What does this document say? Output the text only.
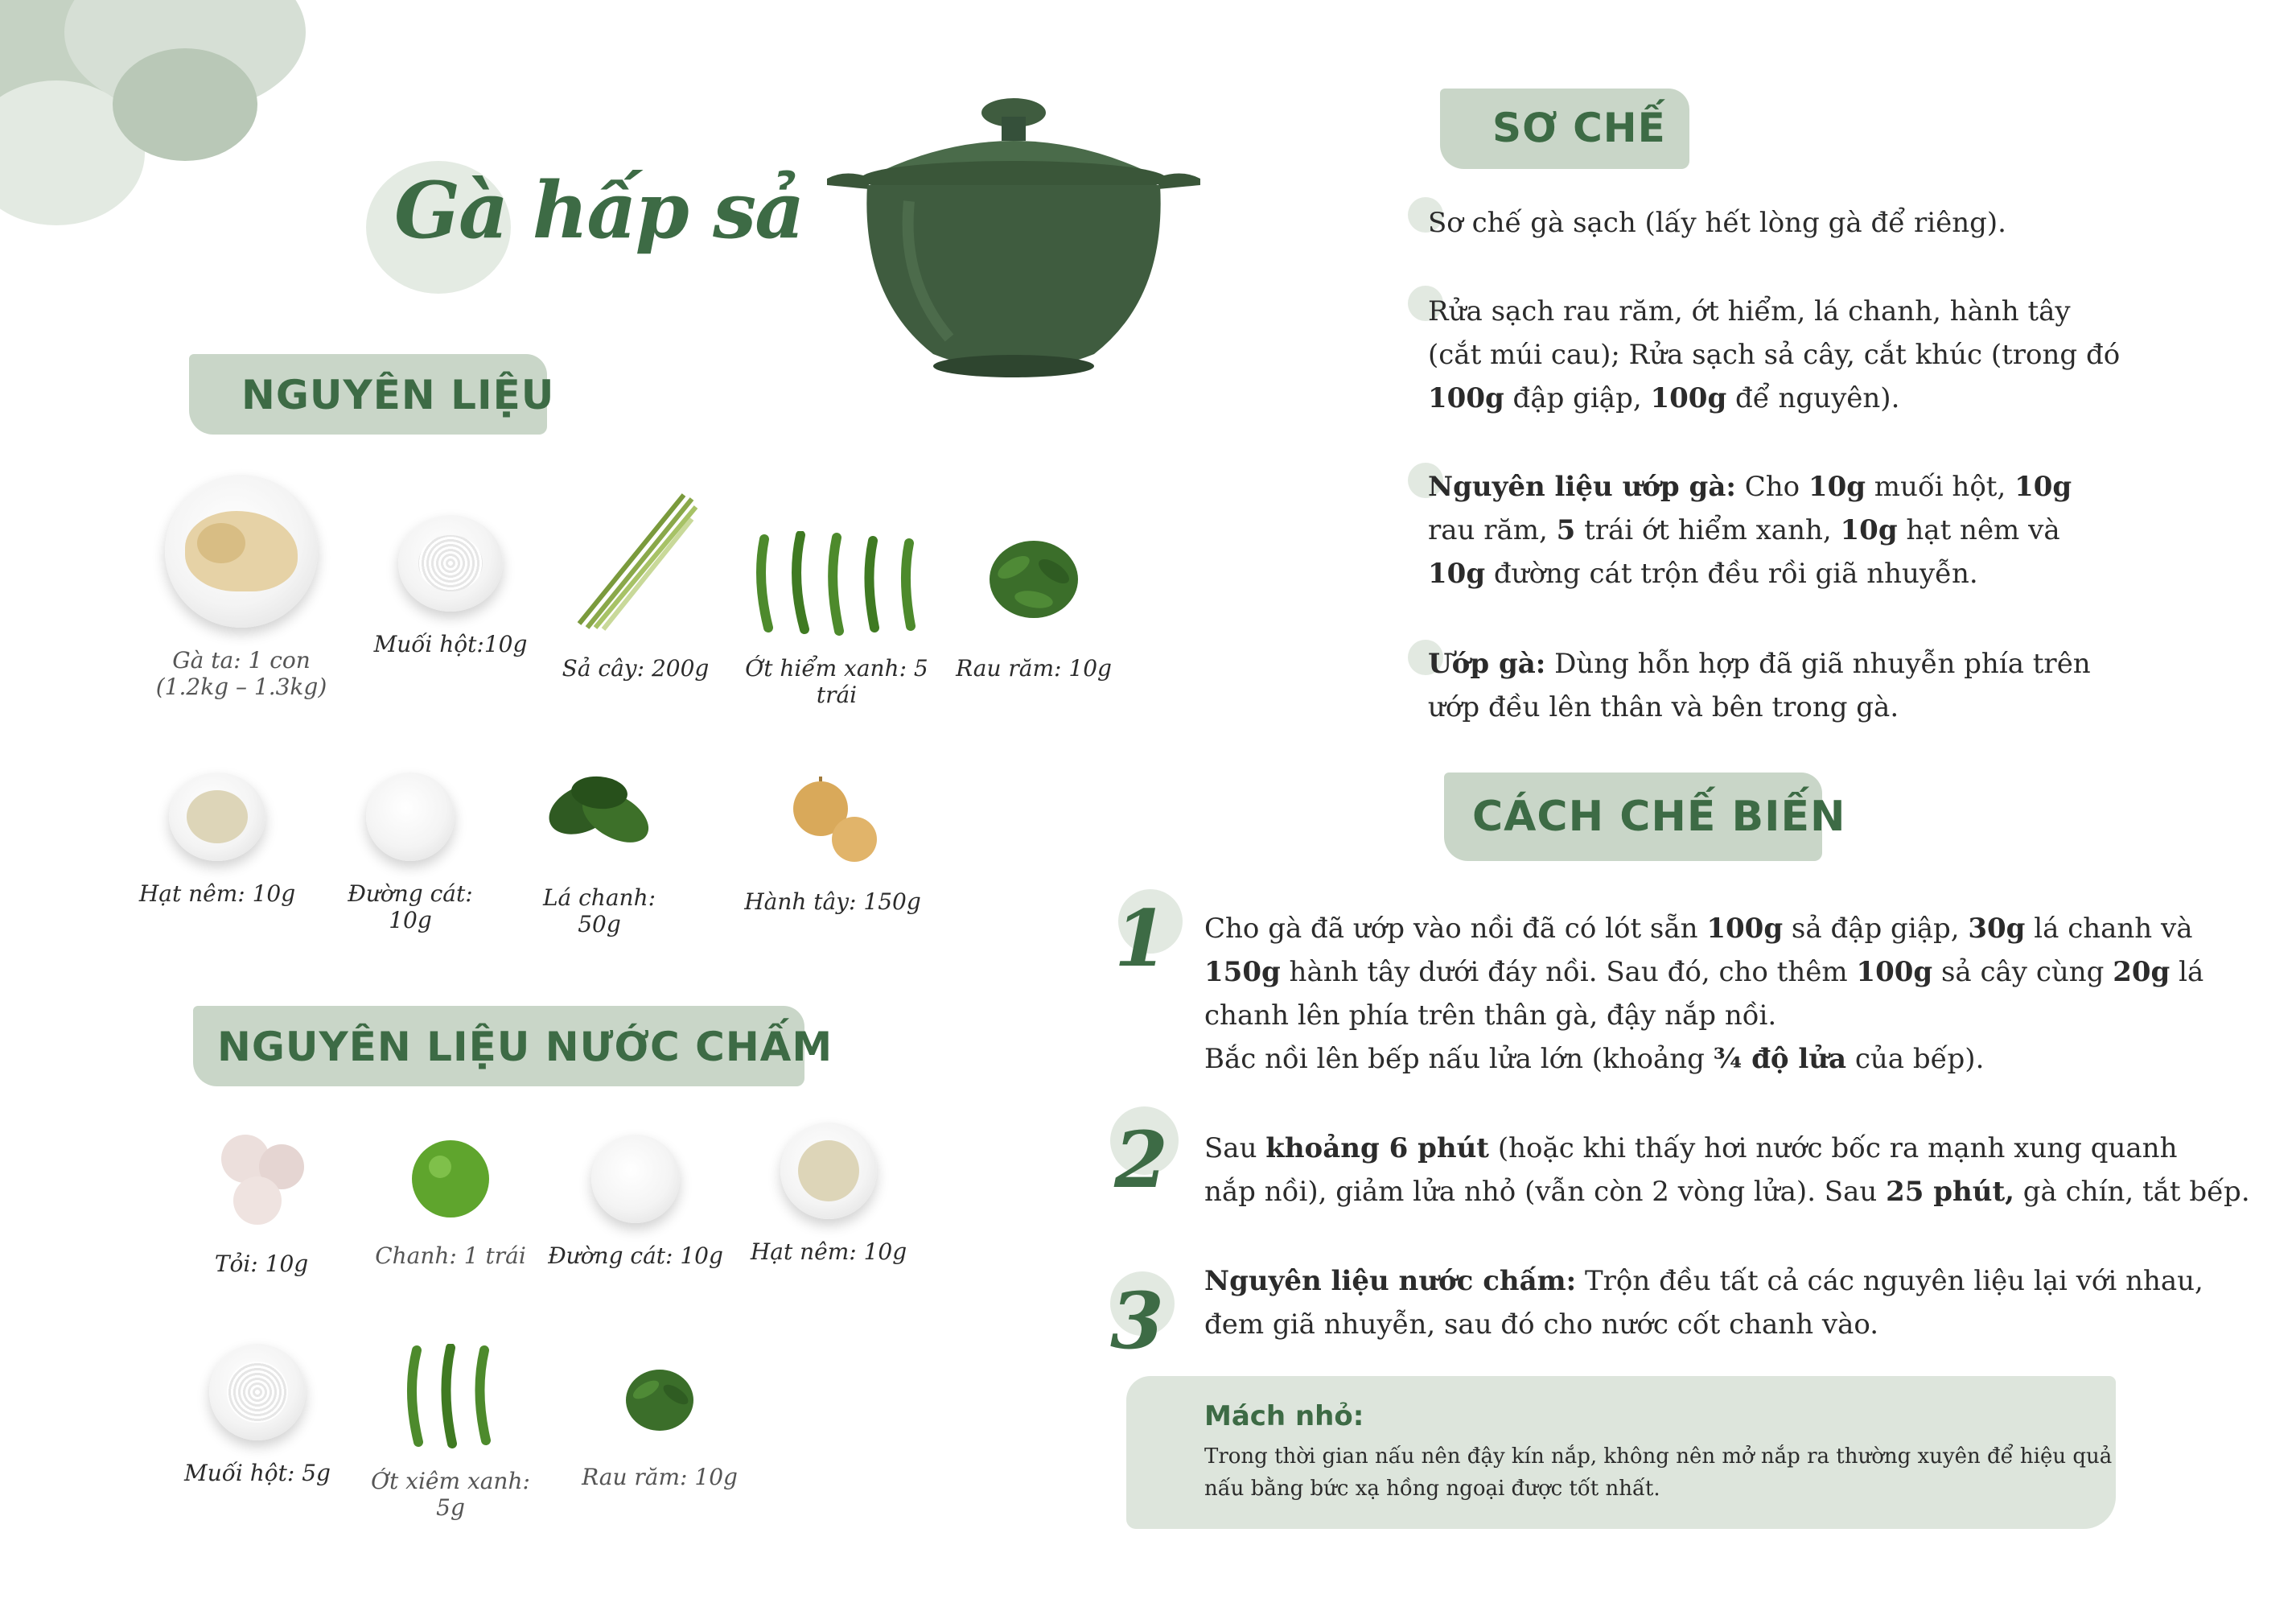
Gà hấp sả
NGUYÊN LIỆU
Gà ta: 1 con
(1.2kg – 1.3kg)
Muối hột:10g
Sả cây: 200g	Ớt hiểm xanh: 5 trái
Rau răm: 10g
Hạt nêm: 10g	Đường cát: 10g
Lá chanh: 50g
Hành tây: 150g
NGUYÊN LIỆU NƯỚC CHẤM
Tỏi: 10g	Chanh: 1 trái Đường cát: 10g Hạt nêm: 10g
Muối hột: 5g	Ớt xiêm xanh: 5g
Rau răm: 10g
SƠ CHẾ
Sơ chế gà sạch (lấy hết lòng gà để riêng).
Rửa sạch rau răm, ớt hiểm, lá chanh, hành tây
(cắt múi cau); Rửa sạch sả cây, cắt khúc (trong đó
100g đập giập, 100g để nguyên).
Nguyên liệu ướp gà: Cho 10g muối hột, 10g
rau răm, 5 trái ớt hiểm xanh, 10g hạt nêm và
10g đường cát trộn đều rồi giã nhuyễn.
Ướp gà: Dùng hỗn hợp đã giã nhuyễn phía trên
ướp đều lên thân và bên trong gà.
CÁCH CHẾ BIẾN
1 Cho gà đã ướp vào nồi đã có lót sẵn 100g sả đập giập, 30g lá chanh và
150g hành tây dưới đáy nồi. Sau đó, cho thêm 100g sả cây cùng 20g lá
chanh lên phía trên thân gà, đậy nắp nồi.
Bắc nồi lên bếp nấu lửa lớn (khoảng ¾ độ lửa của bếp).
2 Sau khoảng 6 phút (hoặc khi thấy hơi nước bốc ra mạnh xung quanh
nắp nồi), giảm lửa nhỏ (vẫn còn 2 vòng lửa). Sau 25 phút, gà chín, tắt bếp.
3 Nguyên liệu nước chấm: Trộn đều tất cả các nguyên liệu lại với nhau,
đem giã nhuyễn, sau đó cho nước cốt chanh vào.
Mách nhỏ:
Trong thời gian nấu nên đậy kín nắp, không nên mở nắp ra thường xuyên để hiệu quả
nấu bằng bức xạ hồng ngoại được tốt nhất.
